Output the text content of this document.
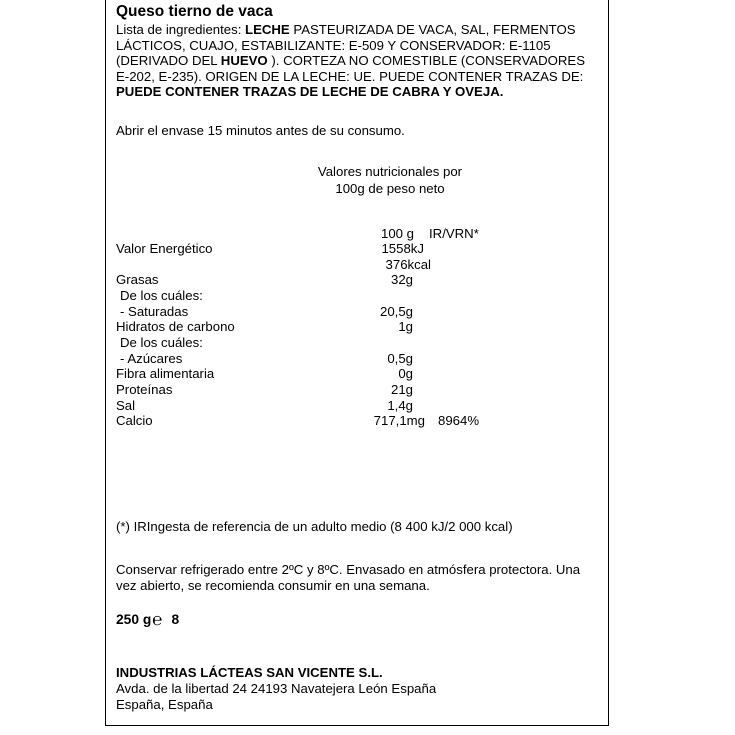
Queso tierno de vaca
Lista de ingredientes: LECHE PASTEURIZADA DE VACA, SAL, FERMENTOS
LÁCTICOS, CUAJO, ESTABILIZANTE: E-509 Y CONSERVADOR: E-1105
(DERIVADO DEL HUEVO ). CORTEZA NO COMESTIBLE (CONSERVADORES
E-202, E-235). ORIGEN DE LA LECHE: UE. PUEDE CONTENER TRAZAS DE:
PUEDE CONTENER TRAZAS DE LECHE DE CABRA Y OVEJA.
Abrir el envase 15 minutos antes de su consumo.
Valores nutricionales por
100g de peso neto
100 g IR/VRN*
Valor Energético	1558kJ
376kcal
Grasas	32g
De los cuáles:
- Saturadas	20,5g
Hidratos de carbono	1g
De los cuáles:
- Azúcares	0,5g
Fibra alimentaria	0g
Proteínas	21g
Sal	1,4g
Calcio	717,1mg 8964%
(*) IRIngesta de referencia de un adulto medio (8 400 kJ/2 000 kcal)
Conservar refrigerado entre 2ºC y 8ºC. Envasado en atmósfera protectora. Una
vez abierto, se recomienda consumir en una semana.
250 g℮ 8
INDUSTRIAS LÁCTEAS SAN VICENTE S.L.
Avda. de la libertad 24 24193 Navatejera León España
España, España
